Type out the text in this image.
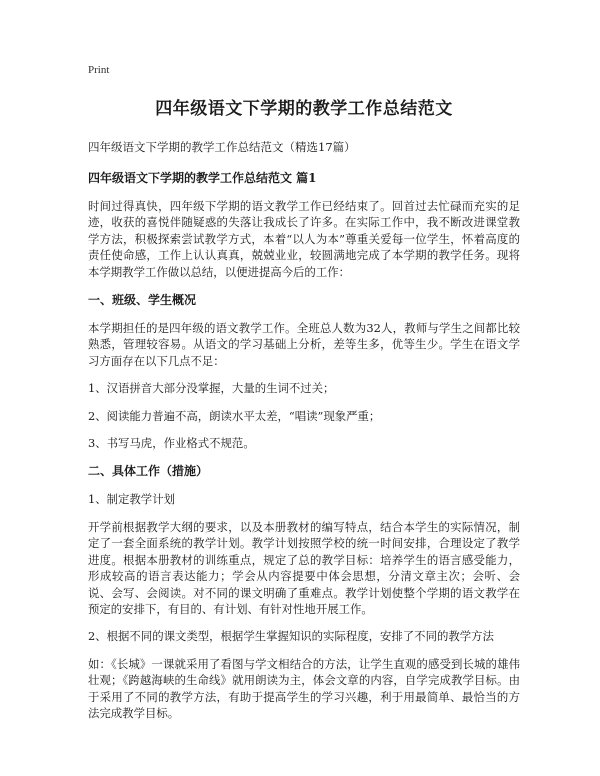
Print
四年级语文下学期的教学工作总结范文
四年级语文下学期的教学工作总结范文（精选17篇）
四年级语文下学期的教学工作总结范文 篇1

时间过得真快，四年级下学期的语文教学工作已经结束了。回首过去忙碌而充实的足迹，收获的喜悦伴随疑惑的失落让我成长了许多。在实际工作中，我不断改进课堂教学方法，积极探索尝试教学方式，本着“以人为本”尊重关爱每一位学生，怀着高度的责任使命感，工作上认认真真，兢兢业业，较圆满地完成了本学期的教学任务。现将本学期教学工作做以总结，以便进提高今后的工作：

一、班级、学生概况

本学期担任的是四年级的语文教学工作。全班总人数为32人，教师与学生之间都比较熟悉，管理较容易。从语文的学习基础上分析，差等生多，优等生少。学生在语文学习方面存在以下几点不足：

1、汉语拼音大部分没掌握，大量的生词不过关；

2、阅读能力普遍不高，朗读水平太差，“唱读”现象严重；

3、书写马虎，作业格式不规范。

二、具体工作（措施）

1、制定教学计划

开学前根据教学大纲的要求，以及本册教材的编写特点，结合本学生的实际情况，制定了一套全面系统的教学计划。教学计划按照学校的统一时间安排，合理设定了教学进度。根据本册教材的训练重点，规定了总的教学目标：培养学生的语言感受能力，形成较高的语言表达能力；学会从内容提要中体会思想，分清文章主次；会听、会说、会写、会阅读。对不同的课文明确了重难点。教学计划使整个学期的语文教学在预定的安排下，有目的、有计划、有针对性地开展工作。

2、根据不同的课文类型，根据学生掌握知识的实际程度，安排了不同的教学方法

如：《长城》一课就采用了看图与学文相结合的方法，让学生直观的感受到长城的雄伟壮观；《跨越海峡的生命线》就用朗读为主，体会文章的内容，自学完成教学目标。由于采用了不同的教学方法，有助于提高学生的学习兴趣，利于用最简单、最恰当的方法完成教学目标。
